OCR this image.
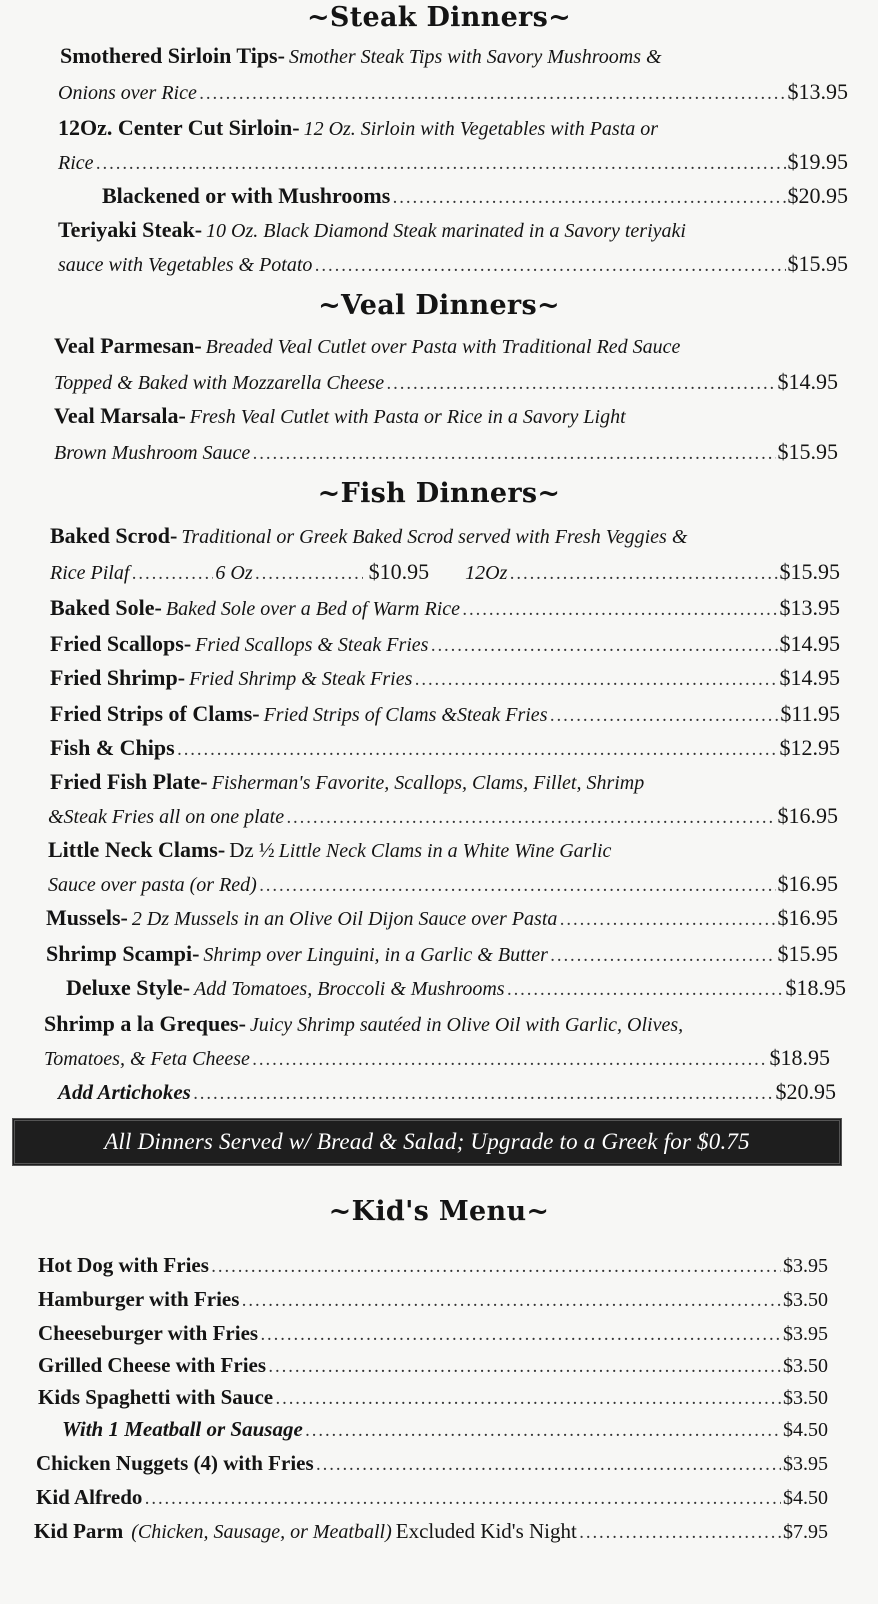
~Steak Dinners~
Smothered Sirloin Tips- Smother Steak Tips with Savory Mushrooms &
Onions over Rice .....	$13.95
12Oz. Center Cut Sirloin- 12 Oz. Sirloin with Vegetables with Pasta or
Rice .....	$19.95
Blackened or with Mushrooms .....	$20.95
Teriyaki Steak- 10 Oz. Black Diamond Steak marinated in a Savory teriyaki
sauce with Vegetables & Potato .....	$15.95
~Veal Dinners~
Veal Parmesan- Breaded Veal Cutlet over Pasta with Traditional Red Sauce
Topped & Baked with Mozzarella Cheese .....	$14.95
Veal Marsala- Fresh Veal Cutlet with Pasta or Rice in a Savory Light
Brown Mushroom Sauce .....	$15.95
~Fish Dinners~
Baked Scrod- Traditional or Greek Baked Scrod served with Fresh Veggies &
Rice Pilaf .....	6 Oz .....	$10.95 12Oz .....	$15.95
Baked Sole- Baked Sole over a Bed of Warm Rice .....	$13.95
Fried Scallops- Fried Scallops & Steak Fries .....	$14.95
Fried Shrimp- Fried Shrimp & Steak Fries .....	$14.95
Fried Strips of Clams- Fried Strips of Clams &Steak Fries .....	$11.95
Fish & Chips .....	$12.95
Fried Fish Plate- Fisherman's Favorite, Scallops, Clams, Fillet, Shrimp
&Steak Fries all on one plate .....	$16.95
Little Neck Clams- Dz ½ Little Neck Clams in a White Wine Garlic
Sauce over pasta (or Red) .....	$16.95
Mussels- 2 Dz Mussels in an Olive Oil Dijon Sauce over Pasta .....	$16.95
Shrimp Scampi- Shrimp over Linguini, in a Garlic & Butter .....	$15.95
Deluxe Style- Add Tomatoes, Broccoli & Mushrooms .....	$18.95
Shrimp a la Greques- Juicy Shrimp sautéed in Olive Oil with Garlic, Olives,
Tomatoes, & Feta Cheese .....	$18.95
Add Artichokes .....	$20.95
All Dinners Served w/ Bread & Salad; Upgrade to a Greek for $0.75
~Kid's Menu~
Hot Dog with Fries .....	$3.95
Hamburger with Fries .....	$3.50
Cheeseburger with Fries .....	$3.95
Grilled Cheese with Fries .....	$3.50
Kids Spaghetti with Sauce .....	$3.50
With 1 Meatball or Sausage .....	$4.50
Chicken Nuggets (4) with Fries .....	$3.95
Kid Alfredo .....	$4.50
Kid Parm (Chicken, Sausage, or Meatball) Excluded Kid's Night .....	$7.95
